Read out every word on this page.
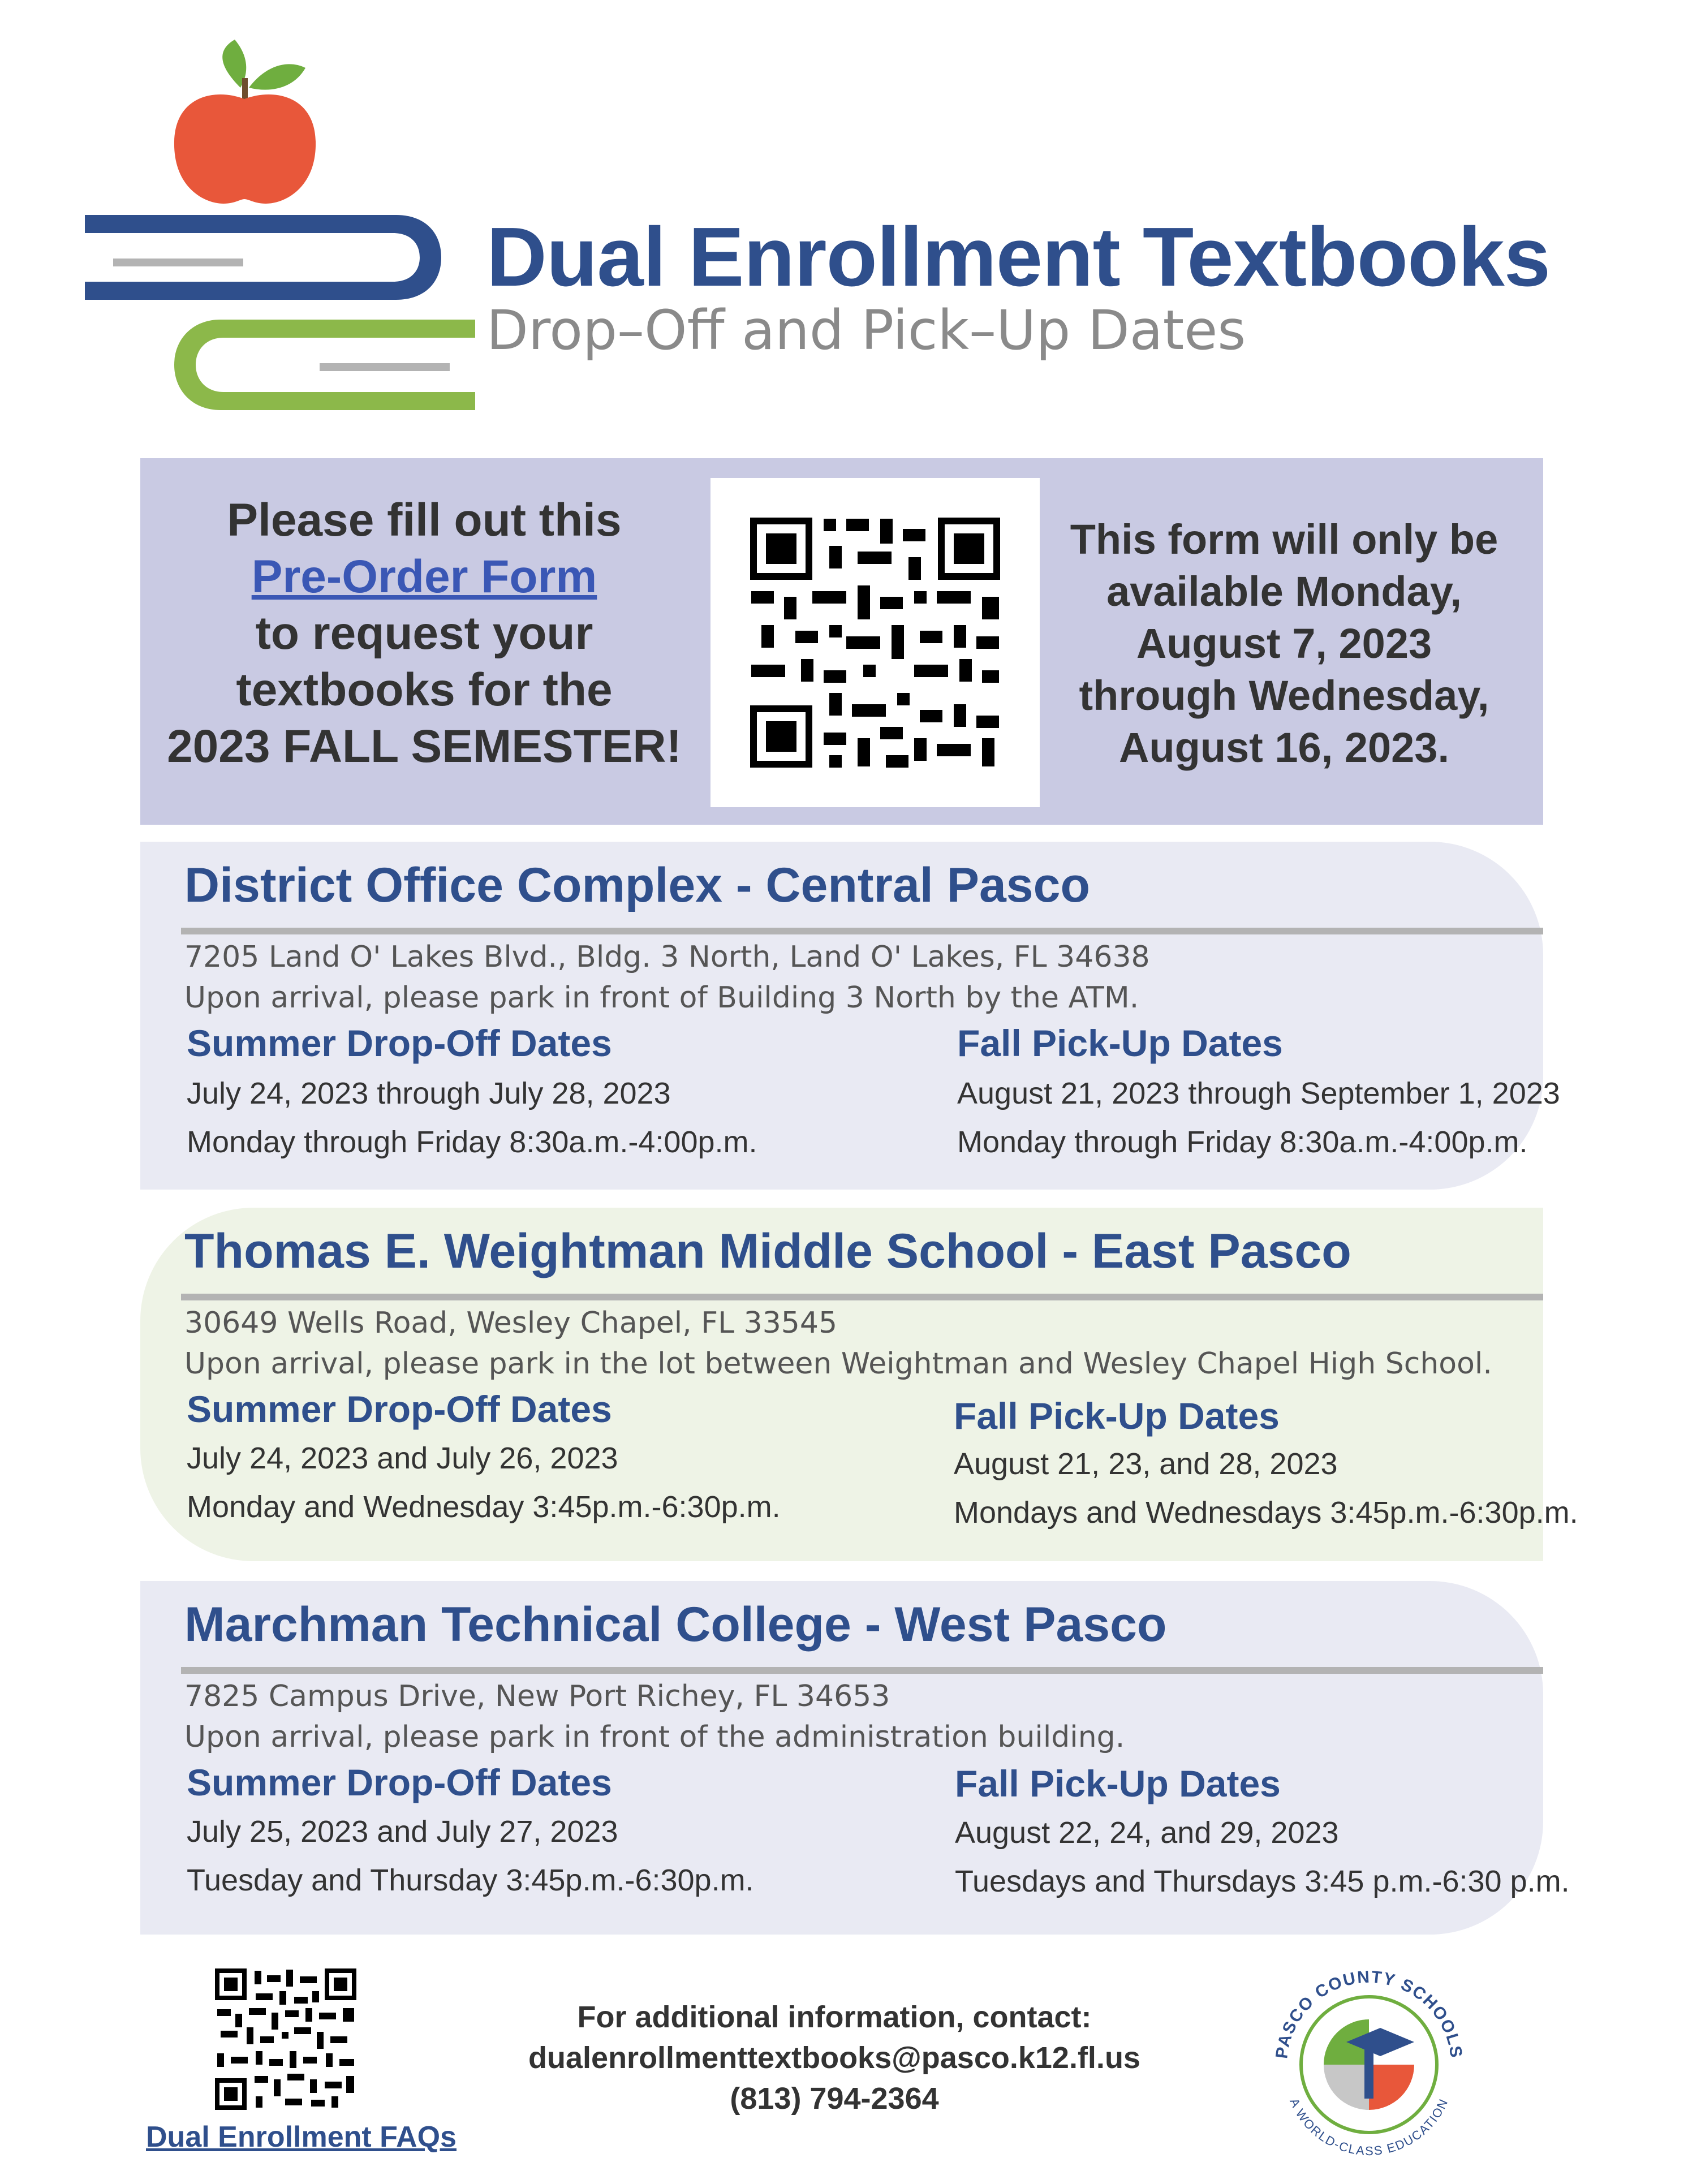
Dual Enrollment Textbooks
Drop–Off and Pick–Up Dates
Please fill out this
Pre-Order Form
to request your
textbooks for the
2023 FALL SEMESTER!
This form will only be
available Monday,
August 7, 2023
through Wednesday,
August 16, 2023.
District Office Complex - Central Pasco
7205 Land O' Lakes Blvd., Bldg. 3 North, Land O' Lakes, FL 34638
Upon arrival, please park in front of Building 3 North by the ATM.
Summer Drop-Off Dates
July 24, 2023 through July 28, 2023
Monday through Friday 8:30a.m.-4:00p.m.
Fall Pick-Up Dates
August 21, 2023 through September 1, 2023
Monday through Friday 8:30a.m.-4:00p.m.
Thomas E. Weightman Middle School - East Pasco
30649 Wells Road, Wesley Chapel, FL 33545
Upon arrival, please park in the lot between Weightman and Wesley Chapel High School.
Summer Drop-Off Dates
July 24, 2023 and July 26, 2023
Monday and Wednesday 3:45p.m.-6:30p.m.
Fall Pick-Up Dates
August 21, 23, and 28, 2023
Mondays and Wednesdays 3:45p.m.-6:30p.m.
Marchman Technical College - West Pasco
7825 Campus Drive, New Port Richey, FL 34653
Upon arrival, please park in front of the administration building.
Summer Drop-Off Dates
July 25, 2023 and July 27, 2023
Tuesday and Thursday 3:45p.m.-6:30p.m.
Fall Pick-Up Dates
August 22, 24, and 29, 2023
Tuesdays and Thursdays 3:45 p.m.-6:30 p.m.
Dual Enrollment FAQs
For additional information, contact:
dualenrollmenttextbooks@pasco.k12.fl.us
(813) 794-2364
PASCO COUNTY SCHOOLS
A WORLD-CLASS EDUCATION
